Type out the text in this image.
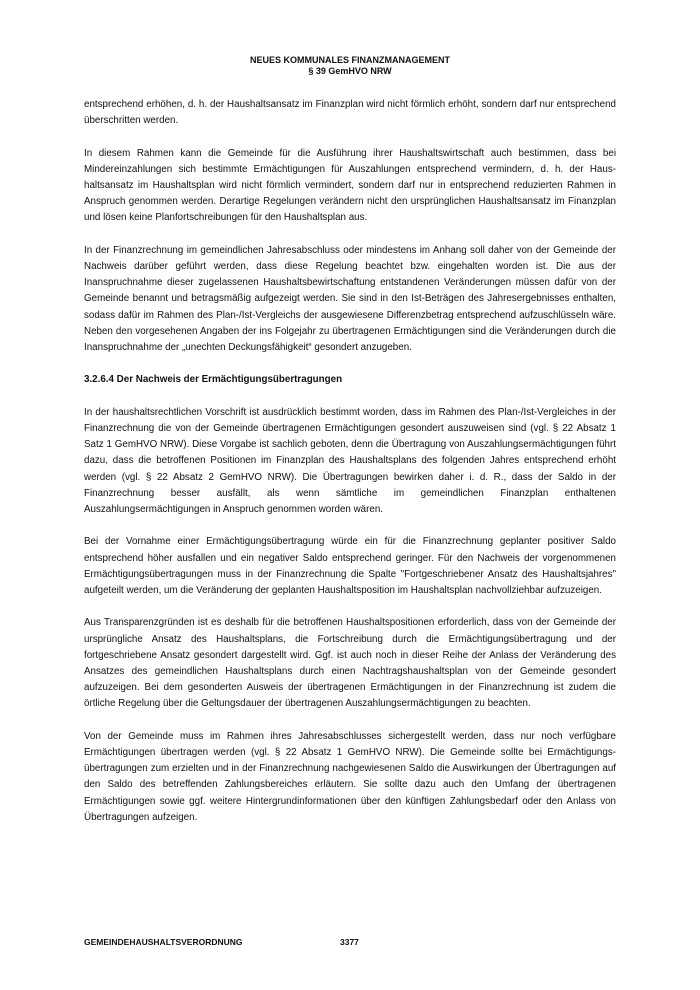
NEUES KOMMUNALES FINANZMANAGEMENT
§ 39 GemHVO NRW

entsprechend erhöhen, d. h. der Haushaltsansatz im Finanzplan wird nicht förmlich erhöht, sondern darf nur entsprechend überschritten werden.

In diesem Rahmen kann die Gemeinde für die Ausführung ihrer Haushaltswirtschaft auch bestimmen, dass bei Mindereinzahlungen sich bestimmte Ermächtigungen für Auszahlungen entsprechend vermindern, d. h. der Haushaltsansatz im Haushaltsplan wird nicht förmlich vermindert, sondern darf nur in entsprechend reduzierten Rahmen in Anspruch genommen werden. Derartige Regelungen verändern nicht den ursprünglichen Haushaltsansatz im Finanzplan und lösen keine Planfortschreibungen für den Haushaltsplan aus.

In der Finanzrechnung im gemeindlichen Jahresabschluss oder mindestens im Anhang soll daher von der Gemeinde der Nachweis darüber geführt werden, dass diese Regelung beachtet bzw. eingehalten worden ist. Die aus der Inanspruchnahme dieser zugelassenen Haushaltsbewirtschaftung entstandenen Veränderungen müssen dafür von der Gemeinde benannt und betragsmäßig aufgezeigt werden. Sie sind in den Ist-Beträgen des Jahresergebnisses enthalten, sodass dafür im Rahmen des Plan-/Ist-Vergleichs der ausgewiesene Differenzbetrag entsprechend aufzuschlüsseln wäre. Neben den vorgesehenen Angaben der ins Folgejahr zu übertragenen Ermächtigungen sind die Veränderungen durch die Inanspruchnahme der „unechten Deckungsfähigkeit“ gesondert anzugeben.

3.2.6.4 Der Nachweis der Ermächtigungsübertragungen

In der haushaltsrechtlichen Vorschrift ist ausdrücklich bestimmt worden, dass im Rahmen des Plan-/Ist-Vergleiches in der Finanzrechnung die von der Gemeinde übertragenen Ermächtigungen gesondert auszuweisen sind (vgl. § 22 Absatz 1 Satz 1 GemHVO NRW). Diese Vorgabe ist sachlich geboten, denn die Übertragung von Auszahlungsermächtigungen führt dazu, dass die betroffenen Positionen im Finanzplan des Haushaltsplans des folgenden Jahres entsprechend erhöht werden (vgl. § 22 Absatz 2 GemHVO NRW). Die Übertragungen bewirken daher i. d. R., dass der Saldo in der Finanzrechnung besser ausfällt, als wenn sämtliche im gemeindlichen Finanzplan enthaltenen Auszahlungsermächtigungen in Anspruch genommen worden wären.

Bei der Vornahme einer Ermächtigungsübertragung würde ein für die Finanzrechnung geplanter positiver Saldo entsprechend höher ausfallen und ein negativer Saldo entsprechend geringer. Für den Nachweis der vorgenommenen Ermächtigungsübertragungen muss in der Finanzrechnung die Spalte "Fortgeschriebener Ansatz des Haushaltsjahres" aufgeteilt werden, um die Veränderung der geplanten Haushaltsposition im Haushaltsplan nachvollziehbar aufzuzeigen.

Aus Transparenzgründen ist es deshalb für die betroffenen Haushaltspositionen erforderlich, dass von der Gemeinde der ursprüngliche Ansatz des Haushaltsplans, die Fortschreibung durch die Ermächtigungsübertragung und der fortgeschriebene Ansatz gesondert dargestellt wird. Ggf. ist auch noch in dieser Reihe der Anlass der Veränderung des Ansatzes des gemeindlichen Haushaltsplans durch einen Nachtragshaushaltsplan von der Gemeinde gesondert aufzuzeigen. Bei dem gesonderten Ausweis der übertragenen Ermächtigungen in der Finanzrechnung ist zudem die örtliche Regelung über die Geltungsdauer der übertragenen Auszahlungsermächtigungen zu beachten.

Von der Gemeinde muss im Rahmen ihres Jahresabschlusses sichergestellt werden, dass nur noch verfügbare Ermächtigungen übertragen werden (vgl. § 22 Absatz 1 GemHVO NRW). Die Gemeinde sollte bei Ermächtigungsübertragungen zum erzielten und in der Finanzrechnung nachgewiesenen Saldo die Auswirkungen der Übertragungen auf den Saldo des betreffenden Zahlungsbereiches erläutern. Sie sollte dazu auch den Umfang der übertragenen Ermächtigungen sowie ggf. weitere Hintergrundinformationen über den künftigen Zahlungsbedarf oder den Anlass von Übertragungen aufzeigen.

GEMEINDEHAUSHALTSVERORDNUNG	3377
